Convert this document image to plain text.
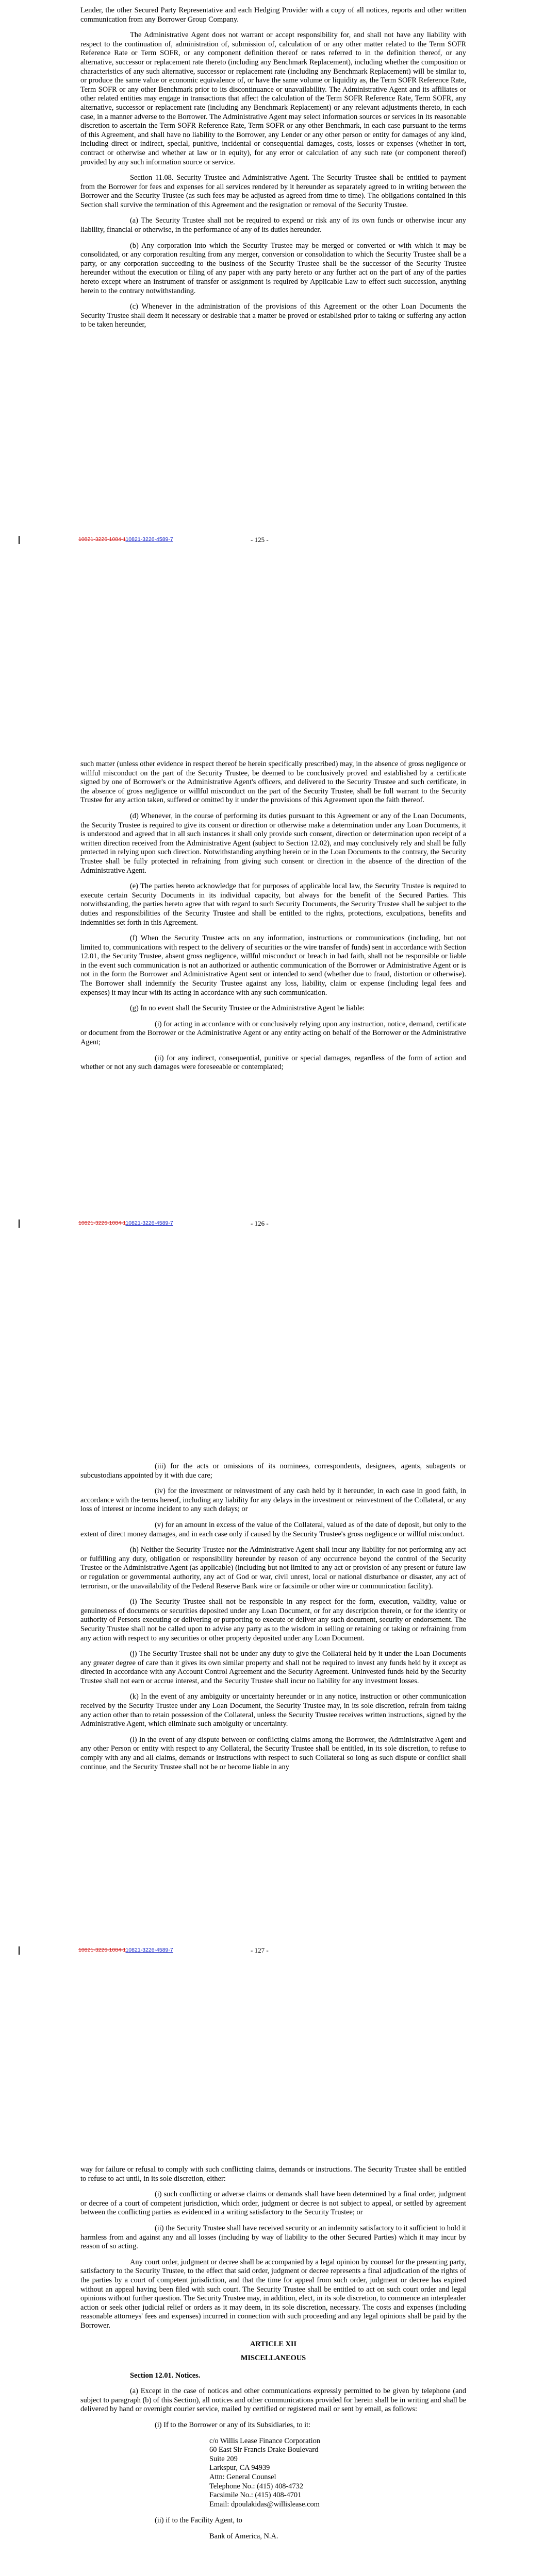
Lender, the other Secured Party Representative and each Hedging Provider with a copy of all notices, reports and other written communication from any Borrower Group Company.

The Administrative Agent does not warrant or accept responsibility for, and shall not have any liability with respect to the continuation of, administration of, submission of, calculation of or any other matter related to the Term SOFR Reference Rate or Term SOFR, or any component definition thereof or rates referred to in the definition thereof, or any alternative, successor or replacement rate thereto (including any Benchmark Replacement), including whether the composition or characteristics of any such alternative, successor or replacement rate (including any Benchmark Replacement) will be similar to, or produce the same value or economic equivalence of, or have the same volume or liquidity as, the Term SOFR Reference Rate, Term SOFR or any other Benchmark prior to its discontinuance or unavailability. The Administrative Agent and its affiliates or other related entities may engage in transactions that affect the calculation of the Term SOFR Reference Rate, Term SOFR, any alternative, successor or replacement rate (including any Benchmark Replacement) or any relevant adjustments thereto, in each case, in a manner adverse to the Borrower. The Administrative Agent may select information sources or services in its reasonable discretion to ascertain the Term SOFR Reference Rate, Term SOFR or any other Benchmark, in each case pursuant to the terms of this Agreement, and shall have no liability to the Borrower, any Lender or any other person or entity for damages of any kind, including direct or indirect, special, punitive, incidental or consequential damages, costs, losses or expenses (whether in tort, contract or otherwise and whether at law or in equity), for any error or calculation of any such rate (or component thereof) provided by any such information source or service.

Section 11.08. Security Trustee and Administrative Agent. The Security Trustee shall be entitled to payment from the Borrower for fees and expenses for all services rendered by it hereunder as separately agreed to in writing between the Borrower and the Security Trustee (as such fees may be adjusted as agreed from time to time). The obligations contained in this Section shall survive the termination of this Agreement and the resignation or removal of the Security Trustee.

(a) The Security Trustee shall not be required to expend or risk any of its own funds or otherwise incur any liability, financial or otherwise, in the performance of any of its duties hereunder.

(b) Any corporation into which the Security Trustee may be merged or converted or with which it may be consolidated, or any corporation resulting from any merger, conversion or consolidation to which the Security Trustee shall be a party, or any corporation succeeding to the business of the Security Trustee shall be the successor of the Security Trustee hereunder without the execution or filing of any paper with any party hereto or any further act on the part of any of the parties hereto except where an instrument of transfer or assignment is required by Applicable Law to effect such succession, anything herein to the contrary notwithstanding.

(c) Whenever in the administration of the provisions of this Agreement or the other Loan Documents the Security Trustee shall deem it necessary or desirable that a matter be proved or established prior to taking or suffering any action to be taken hereunder,

10821-3226-1084-110821-3226-4589-7	- 125 -

such matter (unless other evidence in respect thereof be herein specifically prescribed) may, in the absence of gross negligence or willful misconduct on the part of the Security Trustee, be deemed to be conclusively proved and established by a certificate signed by one of Borrower's or the Administrative Agent's officers, and delivered to the Security Trustee and such certificate, in the absence of gross negligence or willful misconduct on the part of the Security Trustee, shall be full warrant to the Security Trustee for any action taken, suffered or omitted by it under the provisions of this Agreement upon the faith thereof.

(d) Whenever, in the course of performing its duties pursuant to this Agreement or any of the Loan Documents, the Security Trustee is required to give its consent or direction or otherwise make a determination under any Loan Documents, it is understood and agreed that in all such instances it shall only provide such consent, direction or determination upon receipt of a written direction received from the Administrative Agent (subject to Section 12.02), and may conclusively rely and shall be fully protected in relying upon such direction. Notwithstanding anything herein or in the Loan Documents to the contrary, the Security Trustee shall be fully protected in refraining from giving such consent or direction in the absence of the direction of the Administrative Agent.

(e) The parties hereto acknowledge that for purposes of applicable local law, the Security Trustee is required to execute certain Security Documents in its individual capacity, but always for the benefit of the Secured Parties. This notwithstanding, the parties hereto agree that with regard to such Security Documents, the Security Trustee shall be subject to the duties and responsibilities of the Security Trustee and shall be entitled to the rights, protections, exculpations, benefits and indemnities set forth in this Agreement.

(f) When the Security Trustee acts on any information, instructions or communications (including, but not limited to, communications with respect to the delivery of securities or the wire transfer of funds) sent in accordance with Section 12.01, the Security Trustee, absent gross negligence, willful misconduct or breach in bad faith, shall not be responsible or liable in the event such communication is not an authorized or authentic communication of the Borrower or Administrative Agent or is not in the form the Borrower and Administrative Agent sent or intended to send (whether due to fraud, distortion or otherwise). The Borrower shall indemnify the Security Trustee against any loss, liability, claim or expense (including legal fees and expenses) it may incur with its acting in accordance with any such communication.

(g) In no event shall the Security Trustee or the Administrative Agent be liable:

(i) for acting in accordance with or conclusively relying upon any instruction, notice, demand, certificate or document from the Borrower or the Administrative Agent or any entity acting on behalf of the Borrower or the Administrative Agent;

(ii) for any indirect, consequential, punitive or special damages, regardless of the form of action and whether or not any such damages were foreseeable or contemplated;

10821-3226-1084-110821-3226-4589-7	- 126 -

(iii) for the acts or omissions of its nominees, correspondents, designees, agents, subagents or subcustodians appointed by it with due care;

(iv) for the investment or reinvestment of any cash held by it hereunder, in each case in good faith, in accordance with the terms hereof, including any liability for any delays in the investment or reinvestment of the Collateral, or any loss of interest or income incident to any such delays; or

(v) for an amount in excess of the value of the Collateral, valued as of the date of deposit, but only to the extent of direct money damages, and in each case only if caused by the Security Trustee's gross negligence or willful misconduct.

(h) Neither the Security Trustee nor the Administrative Agent shall incur any liability for not performing any act or fulfilling any duty, obligation or responsibility hereunder by reason of any occurrence beyond the control of the Security Trustee or the Administrative Agent (as applicable) (including but not limited to any act or provision of any present or future law or regulation or governmental authority, any act of God or war, civil unrest, local or national disturbance or disaster, any act of terrorism, or the unavailability of the Federal Reserve Bank wire or facsimile or other wire or communication facility).

(i) The Security Trustee shall not be responsible in any respect for the form, execution, validity, value or genuineness of documents or securities deposited under any Loan Document, or for any description therein, or for the identity or authority of Persons executing or delivering or purporting to execute or deliver any such document, security or endorsement. The Security Trustee shall not be called upon to advise any party as to the wisdom in selling or retaining or taking or refraining from any action with respect to any securities or other property deposited under any Loan Document.

(j) The Security Trustee shall not be under any duty to give the Collateral held by it under the Loan Documents any greater degree of care than it gives its own similar property and shall not be required to invest any funds held by it except as directed in accordance with any Account Control Agreement and the Security Agreement. Uninvested funds held by the Security Trustee shall not earn or accrue interest, and the Security Trustee shall incur no liability for any investment losses.

(k) In the event of any ambiguity or uncertainty hereunder or in any notice, instruction or other communication received by the Security Trustee under any Loan Document, the Security Trustee may, in its sole discretion, refrain from taking any action other than to retain possession of the Collateral, unless the Security Trustee receives written instructions, signed by the Administrative Agent, which eliminate such ambiguity or uncertainty.

(l) In the event of any dispute between or conflicting claims among the Borrower, the Administrative Agent and any other Person or entity with respect to any Collateral, the Security Trustee shall be entitled, in its sole discretion, to refuse to comply with any and all claims, demands or instructions with respect to such Collateral so long as such dispute or conflict shall continue, and the Security Trustee shall not be or become liable in any

10821-3226-1084-110821-3226-4589-7	- 127 -

way for failure or refusal to comply with such conflicting claims, demands or instructions. The Security Trustee shall be entitled to refuse to act until, in its sole discretion, either:

(i) such conflicting or adverse claims or demands shall have been determined by a final order, judgment or decree of a court of competent jurisdiction, which order, judgment or decree is not subject to appeal, or settled by agreement between the conflicting parties as evidenced in a writing satisfactory to the Security Trustee; or

(ii) the Security Trustee shall have received security or an indemnity satisfactory to it sufficient to hold it harmless from and against any and all losses (including by way of liability to the other Secured Parties) which it may incur by reason of so acting.

Any court order, judgment or decree shall be accompanied by a legal opinion by counsel for the presenting party, satisfactory to the Security Trustee, to the effect that said order, judgment or decree represents a final adjudication of the rights of the parties by a court of competent jurisdiction, and that the time for appeal from such order, judgment or decree has expired without an appeal having been filed with such court. The Security Trustee shall be entitled to act on such court order and legal opinions without further question. The Security Trustee may, in addition, elect, in its sole discretion, to commence an interpleader action or seek other judicial relief or orders as it may deem, in its sole discretion, necessary. The costs and expenses (including reasonable attorneys' fees and expenses) incurred in connection with such proceeding and any legal opinions shall be paid by the Borrower.

ARTICLE XII

MISCELLANEOUS

Section 12.01. Notices.

(a) Except in the case of notices and other communications expressly permitted to be given by telephone (and subject to paragraph (b) of this Section), all notices and other communications provided for herein shall be in writing and shall be delivered by hand or overnight courier service, mailed by certified or registered mail or sent by email, as follows:

(i) If to the Borrower or any of its Subsidiaries, to it:

c/o Willis Lease Finance Corporation
60 East Sir Francis Drake Boulevard
Suite 209
Larkspur, CA 94939
Attn: General Counsel
Telephone No.: (415) 408-4732
Facsimile No.: (415) 408-4701
Email: dpoulakidas@willislease.com

(ii) if to the Facility Agent, to

Bank of America, N.A.
